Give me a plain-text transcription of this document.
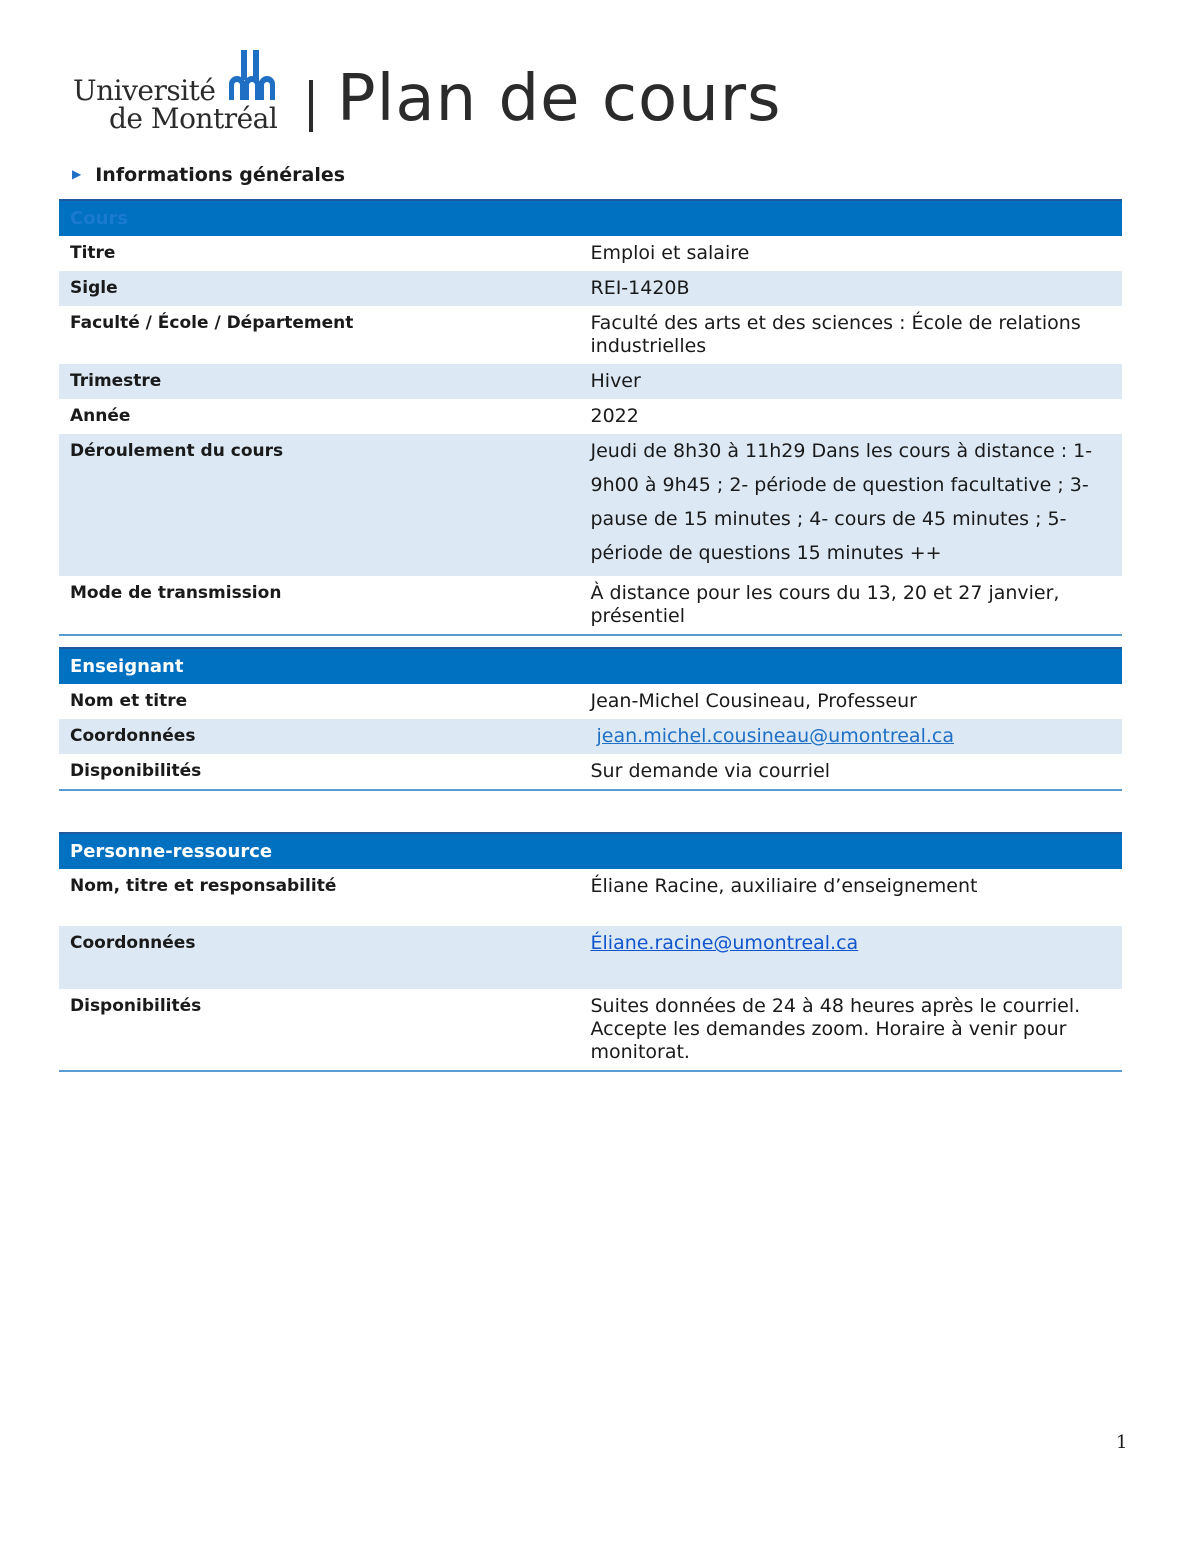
Université
de Montréal Plan de cours
▶ Informations générales
Cours	
Titre	Emploi et salaire
Sigle	REI-1420B
Faculté / École / Département	Faculté des arts et des sciences : École de relations industrielles
Trimestre	Hiver
Année	2022
Déroulement du cours	Jeudi de 8h30 à 11h29 Dans les cours à distance : 1- 9h00 à 9h45 ; 2- période de question facultative ; 3- pause de 15 minutes ; 4- cours de 45 minutes ; 5- période de questions 15 minutes ++
Mode de transmission	À distance pour les cours du 13, 20 et 27 janvier, présentiel
Enseignant	
Nom et titre	Jean-Michel Cousineau, Professeur
Coordonnées	jean.michel.cousineau@umontreal.ca
Disponibilités	Sur demande via courriel
Personne-ressource	
Nom, titre et responsabilité	Éliane Racine, auxiliaire d’enseignement
Coordonnées	Éliane.racine@umontreal.ca
Disponibilités	Suites données de 24 à 48 heures après le courriel. Accepte les demandes zoom. Horaire à venir pour monitorat.
1
